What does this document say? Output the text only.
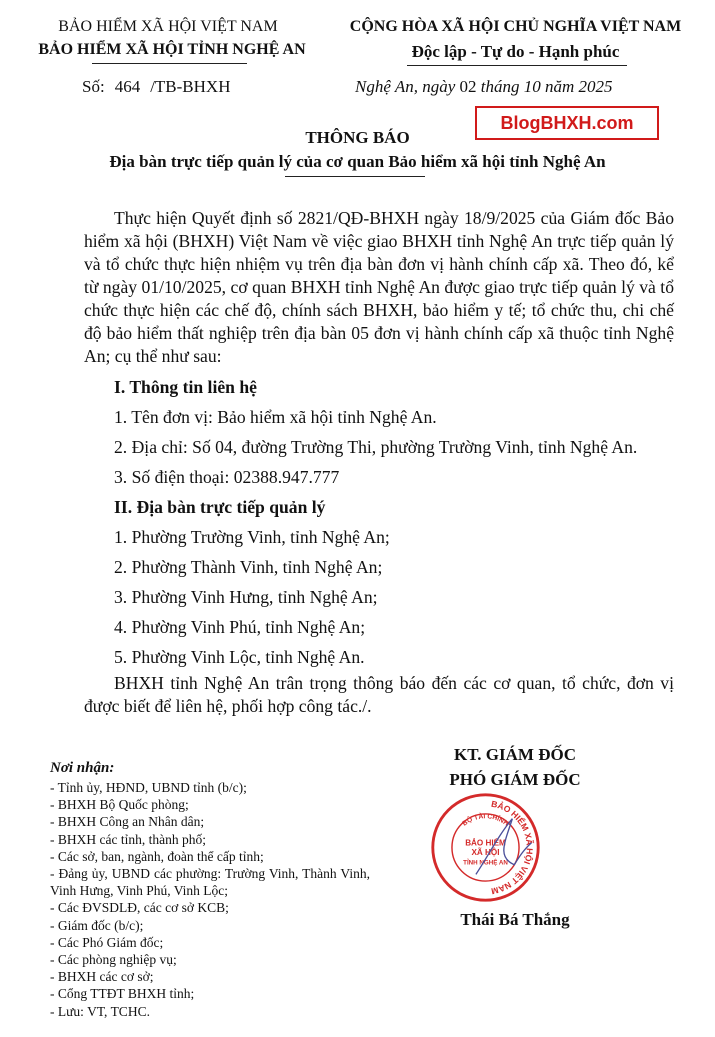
BẢO HIỂM XÃ HỘI VIỆT NAM
BẢO HIỂM XÃ HỘI TỈNH NGHỆ AN
CỘNG HÒA XÃ HỘI CHỦ NGHĨA VIỆT NAM
Độc lập - Tự do - Hạnh phúc
Số: 464 /TB-BHXH	Nghệ An, ngày 02 tháng 10 năm 2025
BlogBHXH.com
THÔNG BÁO
Địa bàn trực tiếp quản lý của cơ quan Bảo hiểm xã hội tỉnh Nghệ An
Thực hiện Quyết định số 2821/QĐ-BHXH ngày 18/9/2025 của Giám đốc Bảo hiểm xã hội (BHXH) Việt Nam về việc giao BHXH tỉnh Nghệ An trực tiếp quản lý và tổ chức thực hiện nhiệm vụ trên địa bàn đơn vị hành chính cấp xã. Theo đó, kể từ ngày 01/10/2025, cơ quan BHXH tỉnh Nghệ An được giao trực tiếp quản lý và tổ chức thực hiện các chế độ, chính sách BHXH, bảo hiểm y tế; tổ chức thu, chi chế độ bảo hiểm thất nghiệp trên địa bàn 05 đơn vị hành chính cấp xã thuộc tỉnh Nghệ An; cụ thể như sau:
I. Thông tin liên hệ
1. Tên đơn vị: Bảo hiểm xã hội tỉnh Nghệ An.
2. Địa chỉ: Số 04, đường Trường Thi, phường Trường Vinh, tỉnh Nghệ An.
3. Số điện thoại: 02388.947.777
II. Địa bàn trực tiếp quản lý
1. Phường Trường Vinh, tỉnh Nghệ An;
2. Phường Thành Vinh, tỉnh Nghệ An;
3. Phường Vinh Hưng, tỉnh Nghệ An;
4. Phường Vinh Phú, tỉnh Nghệ An;
5. Phường Vinh Lộc, tỉnh Nghệ An.
BHXH tỉnh Nghệ An trân trọng thông báo đến các cơ quan, tổ chức, đơn vị được biết để liên hệ, phối hợp công tác./.
Nơi nhận:
- Tỉnh ủy, HĐND, UBND tỉnh (b/c);
- BHXH Bộ Quốc phòng;
- BHXH Công an Nhân dân;
- BHXH các tỉnh, thành phố;
- Các sở, ban, ngành, đoàn thể cấp tỉnh;
- Đảng ủy, UBND các phường: Trường Vinh, Thành Vinh, Vinh Hưng, Vinh Phú, Vinh Lộc;
- Các ĐVSDLĐ, các cơ sở KCB;
- Giám đốc (b/c);
- Các Phó Giám đốc;
- Các phòng nghiệp vụ;
- BHXH các cơ sở;
- Cổng TTĐT BHXH tỉnh;
- Lưu: VT, TCHC.
KT. GIÁM ĐỐC
PHÓ GIÁM ĐỐC
BẢO HIỂM XÃ HỘI VIỆT NAM
BỘ TÀI CHÍNH
BẢO HIỂM
XÃ HỘI
TỈNH NGHỆ AN
Thái Bá Thắng
